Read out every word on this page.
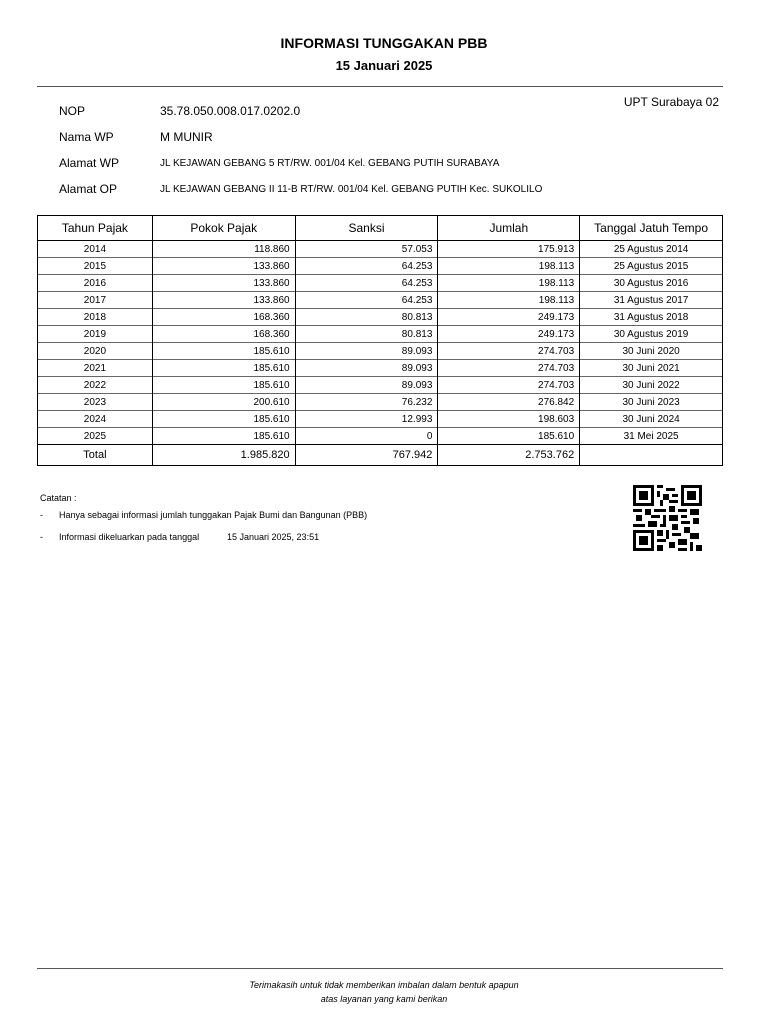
INFORMASI TUNGGAKAN PBB
15 Januari 2025
UPT Surabaya 02
NOP	35.78.050.008.017.0202.0
Nama WP	M MUNIR
Alamat WP	JL KEJAWAN GEBANG 5 RT/RW. 001/04 Kel. GEBANG PUTIH SURABAYA
Alamat OP	JL KEJAWAN GEBANG II 11-B RT/RW. 001/04 Kel. GEBANG PUTIH Kec. SUKOLILO
Tahun Pajak	Pokok Pajak	Sanksi	Jumlah	Tanggal Jatuh Tempo
2014	118.860	57.053	175.913	25 Agustus 2014
2015	133.860	64.253	198.113	25 Agustus 2015
2016	133.860	64.253	198.113	30 Agustus 2016
2017	133.860	64.253	198.113	31 Agustus 2017
2018	168.360	80.813	249.173	31 Agustus 2018
2019	168.360	80.813	249.173	30 Agustus 2019
2020	185.610	89.093	274.703	30 Juni 2020
2021	185.610	89.093	274.703	30 Juni 2021
2022	185.610	89.093	274.703	30 Juni 2022
2023	200.610	76.232	276.842	30 Juni 2023
2024	185.610	12.993	198.603	30 Juni 2024
2025	185.610	0	185.610	31 Mei 2025
Total	1.985.820	767.942	2.753.762	
Catatan :
- Hanya sebagai informasi jumlah tunggakan Pajak Bumi dan Bangunan (PBB)
- Informasi dikeluarkan pada tanggal	15 Januari 2025, 23:51
Terimakasih untuk tidak memberikan imbalan dalam bentuk apapun
atas layanan yang kami berikan
